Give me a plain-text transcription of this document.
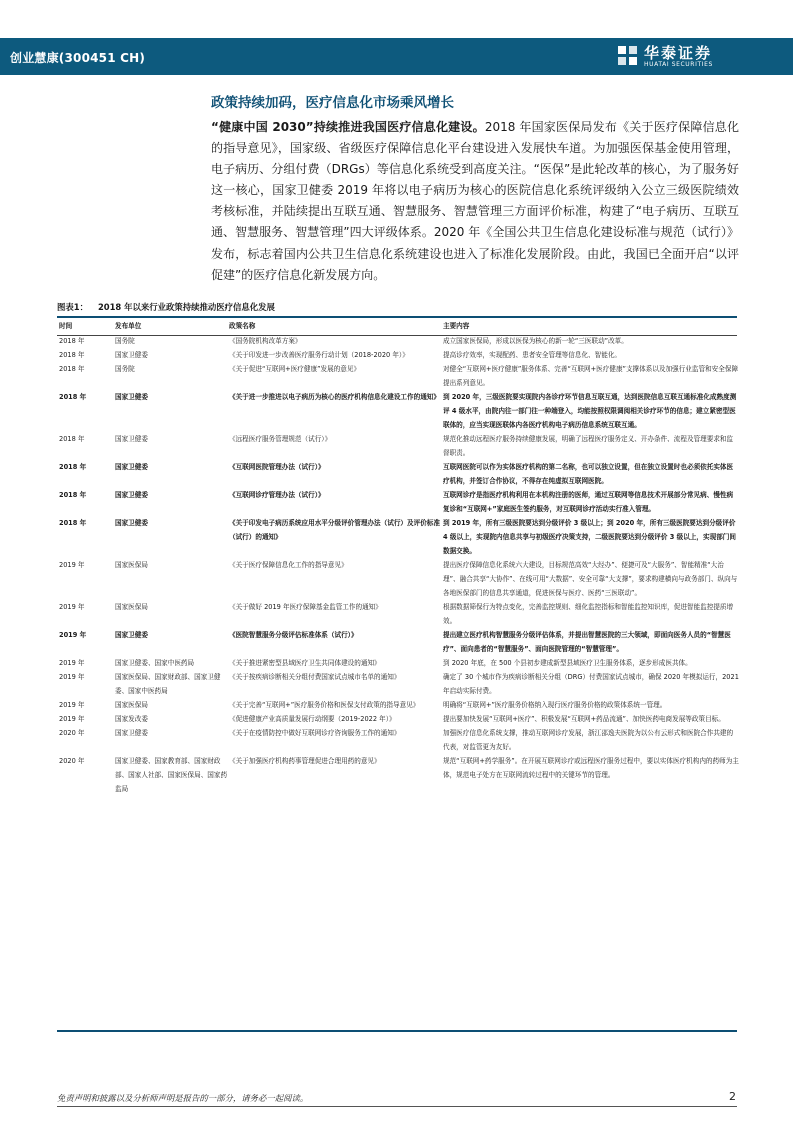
创业慧康(300451 CH)	华泰证券
HUATAI SECURITIES
政策持续加码，医疗信息化市场乘风增长
“健康中国 2030”持续推进我国医疗信息化建设。2018 年国家医保局发布《关于医疗保障信息化的指导意见》，国家级、省级医疗保障信息化平台建设进入发展快车道。为加强医保基金使用管理，电子病历、分组付费（DRGs）等信息化系统受到高度关注。“医保”是此轮改革的核心，为了服务好这一核心，国家卫健委 2019 年将以电子病历为核心的医院信息化系统评级纳入公立三级医院绩效考核标准，并陆续提出互联互通、智慧服务、智慧管理三方面评价标准，构建了“电子病历、互联互通、智慧服务、智慧管理”四大评级体系。2020 年《全国公共卫生信息化建设标准与规范（试行）》发布，标志着国内公共卫生信息化系统建设也进入了标准化发展阶段。由此，我国已全面开启“以评促建”的医疗信息化新发展方向。
图表1： 2018 年以来行业政策持续推动医疗信息化发展
时间	发布单位	政策名称	主要内容
2018 年	国务院	《国务院机构改革方案》	成立国家医保局，形成以医保为核心的新一轮“三医联动”改革。
2018 年	国家卫健委	《关于印发进一步改善医疗服务行动计划（2018-2020 年）》	提高诊疗效率，实现配药、患者安全管理等信息化、智能化。
2018 年	国务院	《关于促进“互联网+医疗健康”发展的意见》	对健全“互联网+医疗健康”服务体系、完善“互联网+医疗健康”支撑体系以及加强行业监管和安全保障提出系列意见。
2018 年	国家卫健委	《关于进一步推进以电子病历为核心的医疗机构信息化建设工作的通知》	到 2020 年，三级医院要实现院内各诊疗环节信息互联互通，达到医院信息互联互通标准化成熟度测评 4 级水平，由院内往一部门往一种端登入，均能按照权限调阅相关诊疗环节的信息；建立紧密型医联体的，应当实现医联体内各医疗机构电子病历信息系统互联互通。
2018 年	国家卫健委	《远程医疗服务管理规范（试行）》	规范化推动远程医疗服务持续健康发展，明确了远程医疗服务定义、开办条件、流程及管理要求和监督职责。
2018 年	国家卫健委	《互联网医院管理办法（试行）》	互联网医院可以作为实体医疗机构的第二名称，也可以独立设置，但在独立设置时也必须依托实体医疗机构，并签订合作协议，不得存在纯虚拟互联网医院。
2018 年	国家卫健委	《互联网诊疗管理办法（试行）》	互联网诊疗是指医疗机构利用在本机构注册的医师，通过互联网等信息技术开展部分常见病、慢性病复诊和“互联网+”家庭医生签约服务，对互联网诊疗活动实行准入管理。
2018 年	国家卫健委	《关于印发电子病历系统应用水平分级评价管理办法（试行）及评价标准（试行）的通知》	到 2019 年，所有三级医院要达到分级评价 3 级以上；到 2020 年，所有三级医院要达到分级评价 4 级以上，实现院内信息共享与初级医疗决策支持，二级医院要达到分级评价 3 级以上，实现部门间数据交换。
2019 年	国家医保局	《关于医疗保障信息化工作的指导意见》	提出医疗保障信息化系统六大建设，目标规范高效“大经办”、便捷可及“大服务”、智能精准“大治理”、融合共享“大协作”、在线可用“大数据”、安全可靠“大支撑”，要求构建横向与政务部门、纵向与各地医保部门的信息共享通道，促进医保与医疗、医药“三医联动”。
2019 年	国家医保局	《关于做好 2019 年医疗保障基金监管工作的通知》	根据数据筛保行为特点变化，完善监控规则、细化监控指标和智能监控知识库，促进智能监控提质增效。
2019 年	国家卫健委	《医院智慧服务分级评估标准体系（试行）》	提出建立医疗机构智慧服务分级评估体系，并提出智慧医院的三大领域，即面向医务人员的“智慧医疗”、面向患者的“智慧服务”、面向医院管理的“智慧管理”。
2019 年	国家卫健委、国家中医药局	《关于推进紧密型县域医疗卫生共同体建设的通知》	到 2020 年底，在 500 个县初步建成新型县域医疗卫生服务体系，逐步形成医共体。
2019 年	国家医保局、国家财政部、国家卫健委、国家中医药局	《关于按疾病诊断相关分组付费国家试点城市名单的通知》	确定了 30 个城市作为疾病诊断相关分组（DRG）付费国家试点城市，确保 2020 年模拟运行，2021 年启动实际付费。
2019 年	国家医保局	《关于完善“互联网+”医疗服务价格和医保支付政策的指导意见》	明确将“互联网+”医疗服务价格纳入现行医疗服务价格的政策体系统一管理。
2019 年	国家发改委	《促进健康产业高质量发展行动纲要（2019-2022 年）》	提出要加快发展“互联网+医疗”、积极发展“互联网+药品流通”、加快医药电商发展等政策目标。
2020 年	国家卫健委	《关于在疫情防控中做好互联网诊疗咨询服务工作的通知》	加强医疗信息化系统支撑，推动互联网诊疗发展，浙江邵逸夫医院为以公有云形式和医院合作共建的代表，对监管更为友好。
2020 年	国家卫健委、国家教育部、国家财政部、国家人社部、国家医保局、国家药监局	《关于加强医疗机构药事管理促进合理用药的意见》	规范“互联网+药学服务”。在开展互联网诊疗或远程医疗服务过程中，要以实体医疗机构内的药师为主体，规范电子处方在互联网流转过程中的关键环节的管理。
免责声明和披露以及分析师声明是报告的一部分，请务必一起阅读。	2
